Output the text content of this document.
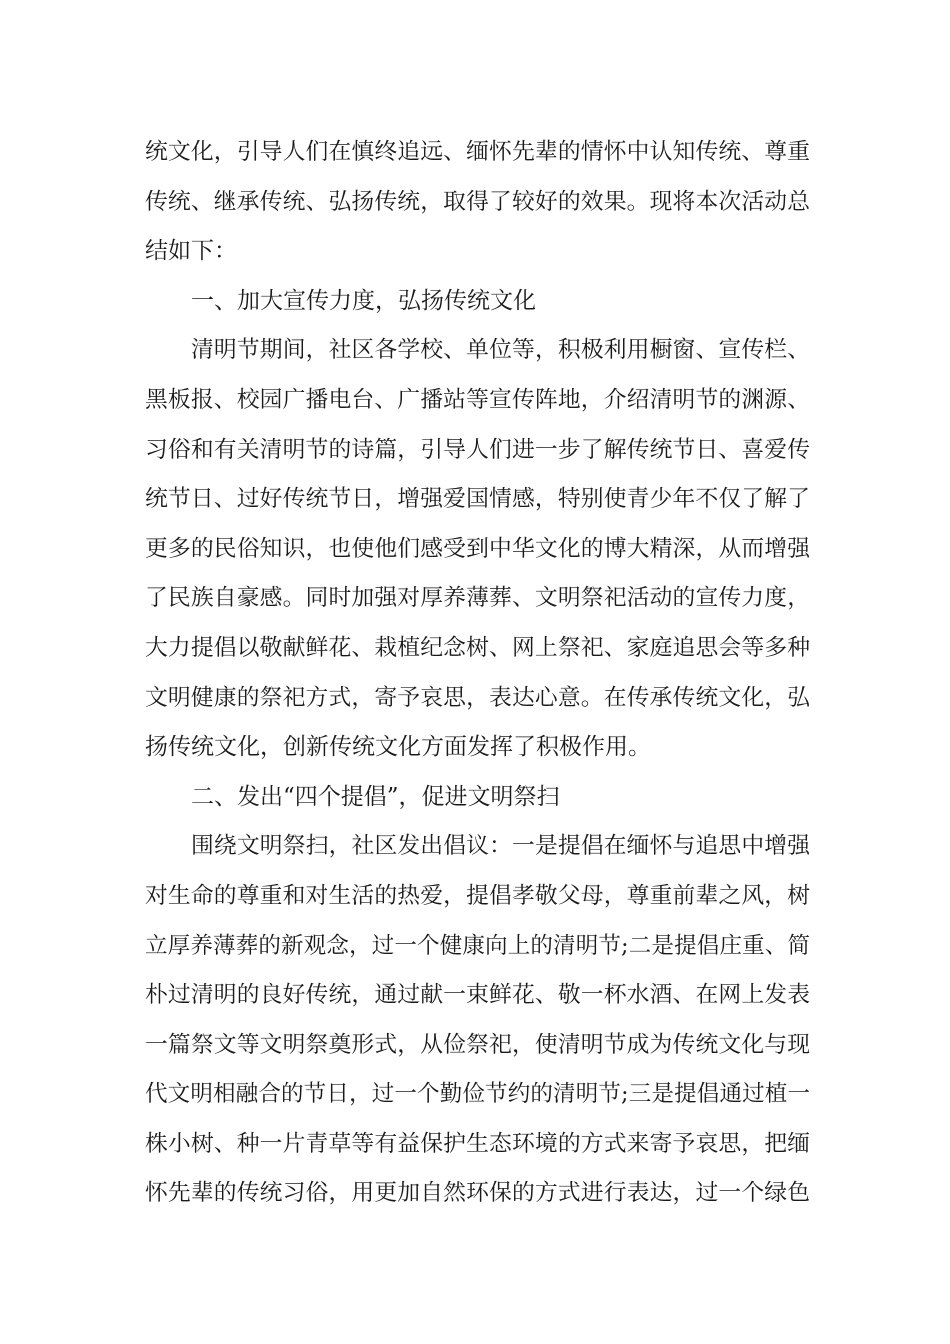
统文化，引导人们在慎终追远、缅怀先辈的情怀中认知传统、尊重
传统、继承传统、弘扬传统，取得了较好的效果。现将本次活动总
结如下：
一、加大宣传力度，弘扬传统文化
清明节期间，社区各学校、单位等，积极利用橱窗、宣传栏、
黑板报、校园广播电台、广播站等宣传阵地，介绍清明节的渊源、
习俗和有关清明节的诗篇，引导人们进一步了解传统节日、喜爱传
统节日、过好传统节日，增强爱国情感，特别使青少年不仅了解了
更多的民俗知识，也使他们感受到中华文化的博大精深，从而增强
了民族自豪感。同时加强对厚养薄葬、文明祭祀活动的宣传力度，
大力提倡以敬献鲜花、栽植纪念树、网上祭祀、家庭追思会等多种
文明健康的祭祀方式，寄予哀思，表达心意。在传承传统文化，弘
扬传统文化，创新传统文化方面发挥了积极作用。
二、发出“四个提倡”，促进文明祭扫
围绕文明祭扫，社区发出倡议：一是提倡在缅怀与追思中增强
对生命的尊重和对生活的热爱，提倡孝敬父母，尊重前辈之风，树
立厚养薄葬的新观念，过一个健康向上的清明节;二是提倡庄重、简
朴过清明的良好传统，通过献一束鲜花、敬一杯水酒、在网上发表
一篇祭文等文明祭奠形式，从俭祭祀，使清明节成为传统文化与现
代文明相融合的节日，过一个勤俭节约的清明节;三是提倡通过植一
株小树、种一片青草等有益保护生态环境的方式来寄予哀思，把缅
怀先辈的传统习俗，用更加自然环保的方式进行表达，过一个绿色
